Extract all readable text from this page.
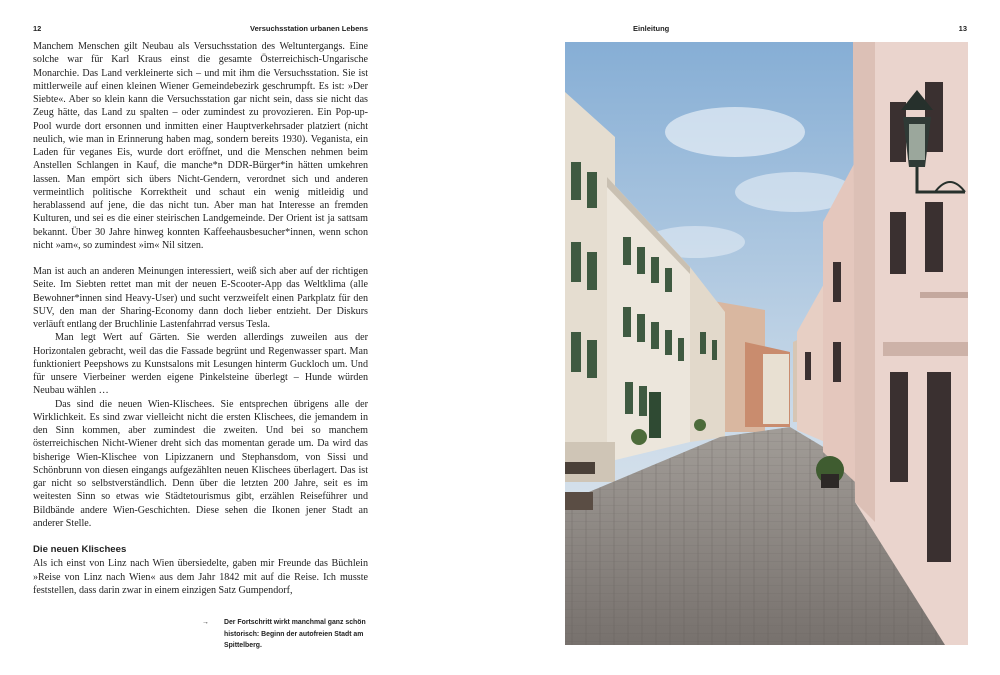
12	Versuchsstation urbanen Lebens	Einleitung	13

Manchem Menschen gilt Neubau als Versuchsstation des Weltuntergangs. Eine solche war für Karl Kraus einst die gesamte Österreichisch-Ungarische Monarchie. Das Land verkleinerte sich – und mit ihm die Versuchsstation. Sie ist mittlerweile auf einen kleinen Wiener Gemeindebezirk geschrumpft. Es ist: »Der Siebte«. Aber so klein kann die Versuchsstation gar nicht sein, dass sie nicht das Zeug hätte, das Land zu spalten – oder zumindest zu provozieren. Ein Pop-up-Pool wurde dort ersonnen und inmitten einer Hauptverkehrsader platziert (nicht neulich, wie man in Erinnerung haben mag, sondern bereits 1930). Veganista, ein Laden für veganes Eis, wurde dort eröffnet, und die Menschen nehmen beim Anstellen Schlangen in Kauf, die manche*n DDR-Bürger*in hätten umkehren lassen. Man empört sich übers Nicht-Gendern, verordnet sich und anderen vermeintlich politische Korrektheit und schaut ein wenig mitleidig und herablassend auf jene, die das nicht tun. Aber man hat Interesse an fremden Kulturen, und sei es die einer steirischen Landgemeinde. Der Orient ist ja sattsam bekannt. Über 30 Jahre hinweg konnten Kaffeehausbesucher*innen, wenn schon nicht »am«, so zumindest »im« Nil sitzen.

Man ist auch an anderen Meinungen interessiert, weiß sich aber auf der richtigen Seite. Im Siebten rettet man mit der neuen E-Scooter-App das Weltklima (alle Bewohner*innen sind Heavy-User) und sucht verzweifelt einen Parkplatz für den SUV, den man der Sharing-Economy dann doch lieber entzieht. Der Diskurs verläuft entlang der Bruchlinie Lastenfahrrad versus Tesla.

Man legt Wert auf Gärten. Sie werden allerdings zuweilen aus der Horizontalen gebracht, weil das die Fassade begrünt und Regenwasser spart. Man funktioniert Peepshows zu Kunstsalons mit Lesungen hinterm Guckloch um. Und für unsere Vierbeiner werden eigene Pinkelsteine überlegt – Hunde würden Neubau wählen …

Das sind die neuen Wien-Klischees. Sie entsprechen übrigens alle der Wirklichkeit. Es sind zwar vielleicht nicht die ersten Klischees, die jemandem in den Sinn kommen, aber zumindest die zweiten. Und bei so manchem österreichischen Nicht-Wiener dreht sich das momentan gerade um. Da wird das bisherige Wien-Klischee von Lipizzanern und Stephansdom, von Sissi und Schönbrunn von diesen eingangs aufgezählten neuen Klischees überlagert. Das ist gar nicht so selbstverständlich. Denn über die letzten 200 Jahre, seit es im weitesten Sinn so etwas wie Städtetourismus gibt, erzählen Reiseführer und Bildbände andere Wien-Geschichten. Diese sehen die Ikonen jener Stadt an anderer Stelle.

Die neuen Klischees

Als ich einst von Linz nach Wien übersiedelte, gaben mir Freunde das Büchlein »Reise von Linz nach Wien« aus dem Jahr 1842 mit auf die Reise. Ich musste feststellen, dass darin zwar in einem einzigen Satz Gumpendorf,

→	Der Fortschritt wirkt manchmal ganz schön historisch: Beginn der autofreien Stadt am Spittelberg.
